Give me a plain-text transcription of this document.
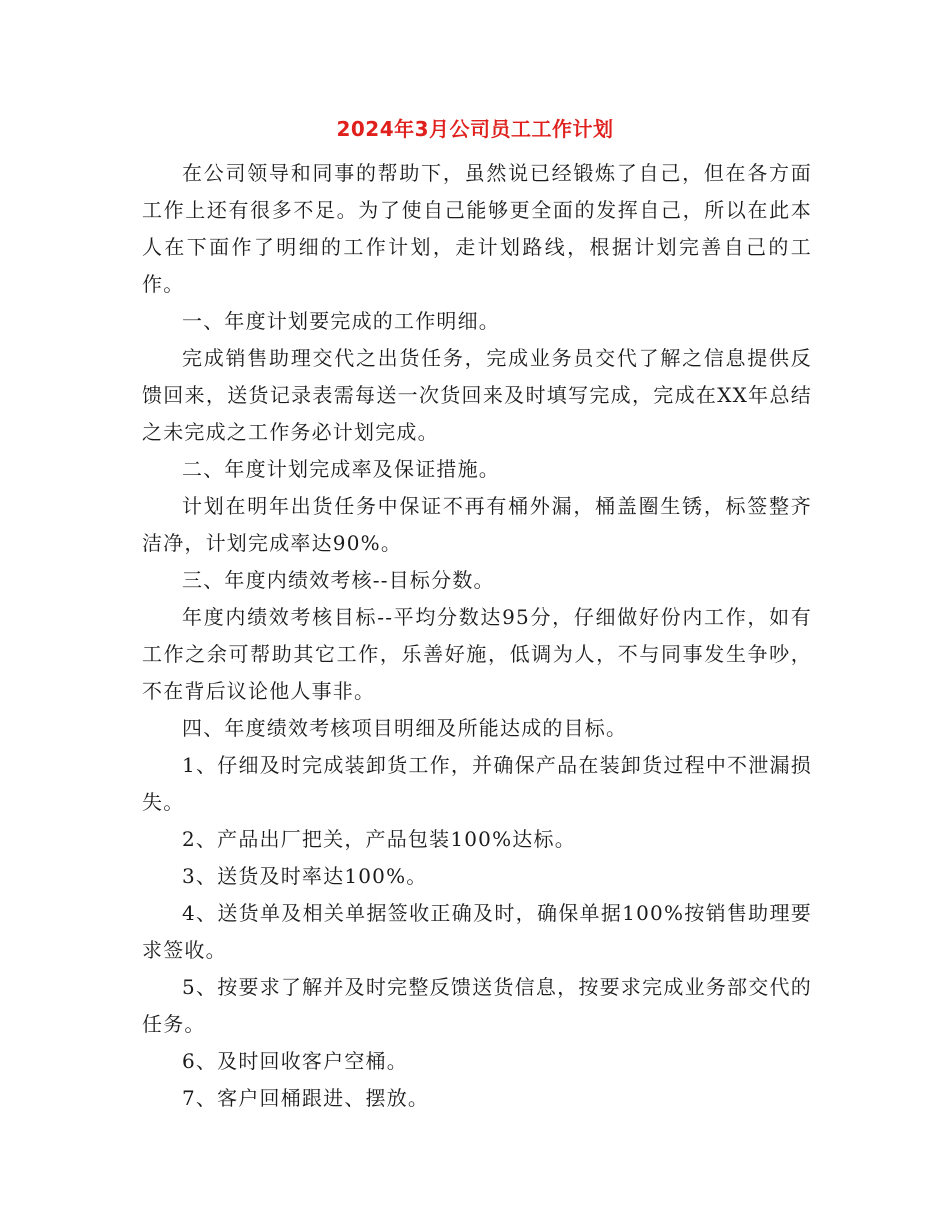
2024年3月公司员工工作计划

在公司领导和同事的帮助下，虽然说已经锻炼了自己，但在各方面工作上还有很多不足。为了使自己能够更全面的发挥自己，所以在此本人在下面作了明细的工作计划，走计划路线，根据计划完善自己的工作。

一、年度计划要完成的工作明细。

完成销售助理交代之出货任务，完成业务员交代了解之信息提供反馈回来，送货记录表需每送一次货回来及时填写完成，完成在XX年总结之未完成之工作务必计划完成。

二、年度计划完成率及保证措施。

计划在明年出货任务中保证不再有桶外漏，桶盖圈生锈，标签整齐洁净，计划完成率达90%。

三、年度内绩效考核--目标分数。

年度内绩效考核目标--平均分数达95分，仔细做好份内工作，如有工作之余可帮助其它工作，乐善好施，低调为人，不与同事发生争吵，不在背后议论他人事非。

四、年度绩效考核项目明细及所能达成的目标。

1、仔细及时完成装卸货工作，并确保产品在装卸货过程中不泄漏损失。

2、产品出厂把关，产品包装100%达标。

3、送货及时率达100%。

4、送货单及相关单据签收正确及时，确保单据100%按销售助理要求签收。

5、按要求了解并及时完整反馈送货信息，按要求完成业务部交代的任务。

6、及时回收客户空桶。

7、客户回桶跟进、摆放。
